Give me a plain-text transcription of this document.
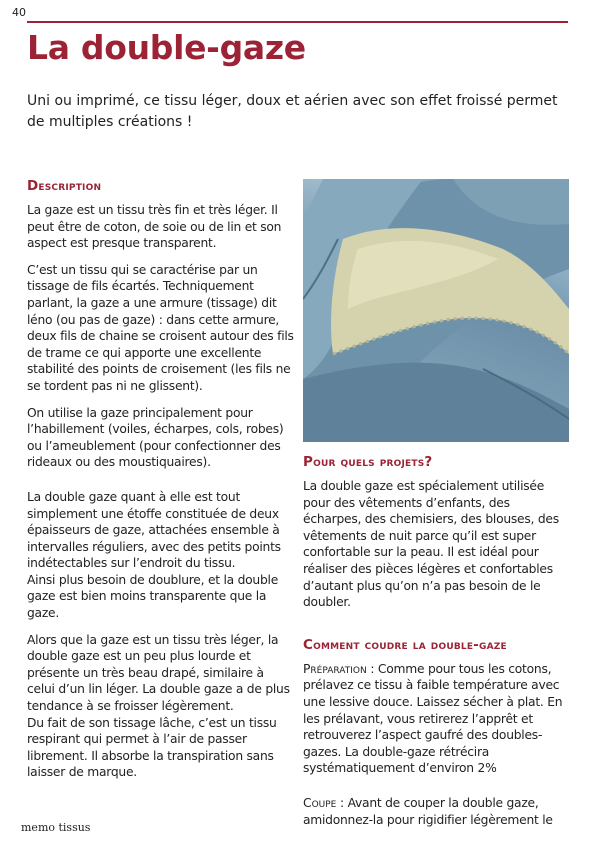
40
La double-gaze

Uni ou imprimé, ce tissu léger, doux et aérien avec son effet froissé permet de multiples créations !

Description

La gaze est un tissu très fin et très léger. Il peut être de coton, de soie ou de lin et son aspect est presque transparent.

C’est un tissu qui se caractérise par un tissage de fils écartés. Techniquement parlant, la gaze a une armure (tissage) dit léno (ou pas de gaze) : dans cette armure, deux fils de chaine se croisent autour des fils de trame ce qui apporte une excellente stabilité des points de croisement (les fils ne se tordent pas ni ne glissent).

On utilise la gaze principalement pour l’habillement (voiles, écharpes, cols, robes) ou l’ameublement (pour confectionner des rideaux ou des moustiquaires).

La double gaze quant à elle est tout simplement une étoffe constituée de deux épaisseurs de gaze, attachées ensemble à intervalles réguliers, avec des petits points indétectables sur l’endroit du tissu.

Ainsi plus besoin de doublure, et la double gaze est bien moins transparente que la gaze.

Alors que la gaze est un tissu très léger, la double gaze est un peu plus lourde et présente un très beau drapé, similaire à celui d’un lin léger. La double gaze a de plus tendance à se froisser légèrement.

Du fait de son tissage lâche, c’est un tissu respirant qui permet à l’air de passer librement. Il absorbe la transpiration sans laisser de marque.

Pour quels projets?

La double gaze est spécialement utilisée pour des vêtements d’enfants, des écharpes, des chemisiers, des blouses, des vêtements de nuit parce qu’il est super confortable sur la peau. Il est idéal pour réaliser des pièces légères et confortables d’autant plus qu’on n’a pas besoin de le doubler.

Comment coudre la double-gaze

Préparation : Comme pour tous les cotons, prélavez ce tissu à faible température avec une lessive douce. Laissez sécher à plat. En les prélavant, vous retirerez l’apprêt et retrouverez l’aspect gaufré des doubles-gazes. La double-gaze rétrécira systématiquement d’environ 2%

Coupe : Avant de couper la double gaze, amidonnez-la pour rigidifier légèrement le

memo tissus
